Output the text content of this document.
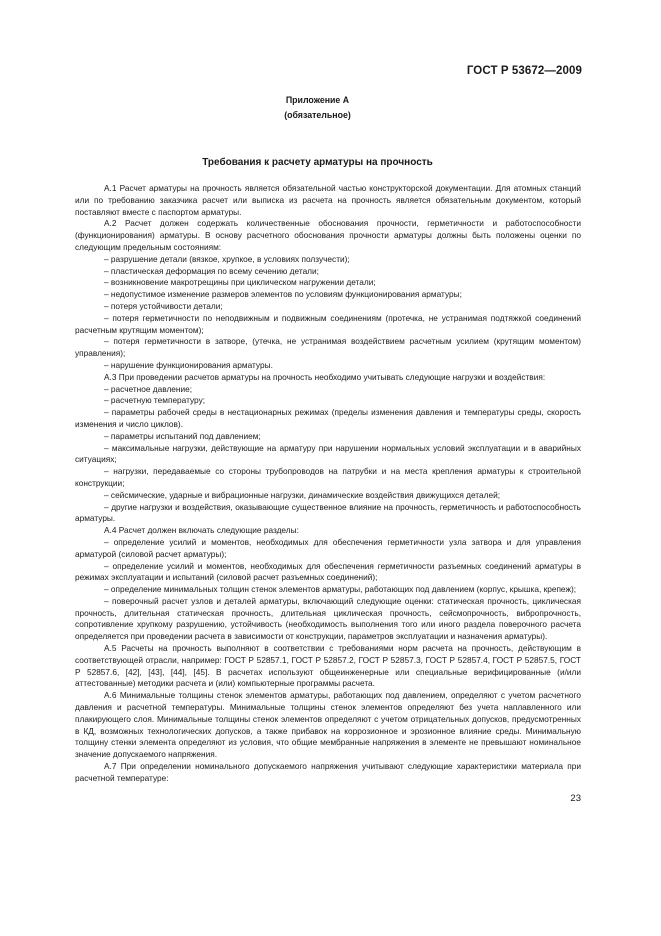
ГОСТ Р 53672—2009
Приложение А
(обязательное)
Требования к расчету арматуры на прочность

А.1 Расчет арматуры на прочность является обязательной частью конструкторской документации. Для атомных станций или по требованию заказчика расчет или выписка из расчета на прочность является обязательным документом, который поставляют вместе с паспортом арматуры.

А.2 Расчет должен содержать количественные обоснования прочности, герметичности и работоспособности (функционирования) арматуры. В основу расчетного обоснования прочности арматуры должны быть положены оценки по следующим предельным состояниям:

– разрушение детали (вязкое, хрупкое, в условиях ползучести);

– пластическая деформация по всему сечению детали;

– возникновение макротрещины при циклическом нагружении детали;

– недопустимое изменение размеров элементов по условиям функционирования арматуры;

– потеря устойчивости детали;

– потеря герметичности по неподвижным и подвижным соединениям (протечка, не устранимая подтяжкой соединений расчетным крутящим моментом);

– потеря герметичности в затворе, (утечка, не устранимая воздействием расчетным усилием (крутящим моментом) управления);

– нарушение функционирования арматуры.

А.3 При проведении расчетов арматуры на прочность необходимо учитывать следующие нагрузки и воздействия:

– расчетное давление;

– расчетную температуру;

– параметры рабочей среды в нестационарных режимах (пределы изменения давления и температуры среды, скорость изменения и число циклов).

– параметры испытаний под давлением;

– максимальные нагрузки, действующие на арматуру при нарушении нормальных условий эксплуатации и в аварийных ситуациях;

– нагрузки, передаваемые со стороны трубопроводов на патрубки и на места крепления арматуры к строительной конструкции;

– сейсмические, ударные и вибрационные нагрузки, динамические воздействия движущихся деталей;

– другие нагрузки и воздействия, оказывающие существенное влияние на прочность, герметичность и работоспособность арматуры.

А.4 Расчет должен включать следующие разделы:

– определение усилий и моментов, необходимых для обеспечения герметичности узла затвора и для управления арматурой (силовой расчет арматуры);

– определение усилий и моментов, необходимых для обеспечения герметичности разъемных соединений арматуры в режимах эксплуатации и испытаний (силовой расчет разъемных соединений);

– определение минимальных толщин стенок элементов арматуры, работающих под давлением (корпус, крышка, крепеж);

– поверочный расчет узлов и деталей арматуры, включающий следующие оценки: статическая прочность, циклическая прочность, длительная статическая прочность, длительная циклическая прочность, сейсмопрочность, вибропрочность, сопротивление хрупкому разрушению, устойчивость (необходимость выполнения того или иного раздела поверочного расчета определяется при проведении расчета в зависимости от конструкции, параметров эксплуатации и назначения арматуры).

А.5 Расчеты на прочность выполняют в соответствии с требованиями норм расчета на прочность, действующим в соответствующей отрасли, например: ГОСТ Р 52857.1, ГОСТ Р 52857.2, ГОСТ Р 52857.3, ГОСТ Р 52857.4, ГОСТ Р 52857.5, ГОСТ Р 52857.6, [42], [43], [44], [45]. В расчетах используют общеинженерные или специальные верифицированные (и/или аттестованные) методики расчета и (или) компьютерные программы расчета.

А.6 Минимальные толщины стенок элементов арматуры, работающих под давлением, определяют с учетом расчетного давления и расчетной температуры. Минимальные толщины стенок элементов определяют без учета наплавленного или плакирующего слоя. Минимальные толщины стенок элементов определяют с учетом отрицательных допусков, предусмотренных в КД, возможных технологических допусков, а также прибавок на коррозионное и эрозионное влияние среды. Минимальную толщину стенки элемента определяют из условия, что общие мембранные напряжения в элементе не превышают номинальное значение допускаемого напряжения.

А.7 При определении номинального допускаемого напряжения учитывают следующие характеристики материала при расчетной температуре:

23
